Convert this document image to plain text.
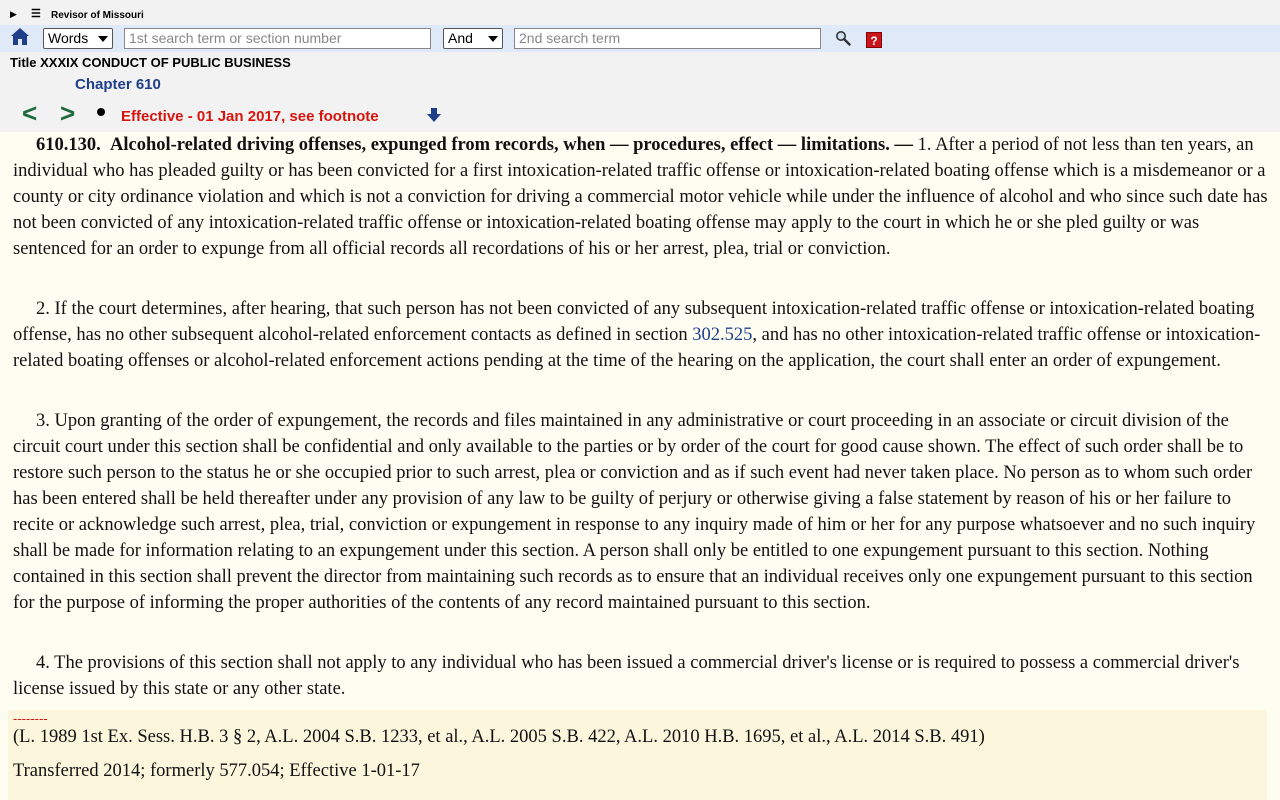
▶ ☰ Revisor of Missouri
Words	1st search term or section number	And	2nd search term	?
Title XXXIX CONDUCT OF PUBLIC BUSINESS
Chapter 610
< >	Effective - 01 Jan 2017, see footnote
610.130. Alcohol-related driving offenses, expunged from records, when — procedures, effect — limitations. — 1. After a period of not less than ten years, an individual who has pleaded guilty or has been convicted for a first intoxication-related traffic offense or intoxication-related boating offense which is a misdemeanor or a county or city ordinance violation and which is not a conviction for driving a commercial motor vehicle while under the influence of alcohol and who since such date has not been convicted of any intoxication-related traffic offense or intoxication-related boating offense may apply to the court in which he or she pled guilty or was sentenced for an order to expunge from all official records all recordations of his or her arrest, plea, trial or conviction.
2. If the court determines, after hearing, that such person has not been convicted of any subsequent intoxication-related traffic offense or intoxication-related boating offense, has no other subsequent alcohol-related enforcement contacts as defined in section 302.525, and has no other intoxication-related traffic offense or intoxication-related boating offenses or alcohol-related enforcement actions pending at the time of the hearing on the application, the court shall enter an order of expungement.
3. Upon granting of the order of expungement, the records and files maintained in any administrative or court proceeding in an associate or circuit division of the circuit court under this section shall be confidential and only available to the parties or by order of the court for good cause shown. The effect of such order shall be to restore such person to the status he or she occupied prior to such arrest, plea or conviction and as if such event had never taken place. No person as to whom such order has been entered shall be held thereafter under any provision of any law to be guilty of perjury or otherwise giving a false statement by reason of his or her failure to recite or acknowledge such arrest, plea, trial, conviction or expungement in response to any inquiry made of him or her for any purpose whatsoever and no such inquiry shall be made for information relating to an expungement under this section. A person shall only be entitled to one expungement pursuant to this section. Nothing contained in this section shall prevent the director from maintaining such records as to ensure that an individual receives only one expungement pursuant to this section for the purpose of informing the proper authorities of the contents of any record maintained pursuant to this section.
4. The provisions of this section shall not apply to any individual who has been issued a commercial driver's license or is required to possess a commercial driver's license issued by this state or any other state.
--------
(L. 1989 1st Ex. Sess. H.B. 3 § 2, A.L. 2004 S.B. 1233, et al., A.L. 2005 S.B. 422, A.L. 2010 H.B. 1695, et al., A.L. 2014 S.B. 491)
Transferred 2014; formerly 577.054; Effective 1-01-17
